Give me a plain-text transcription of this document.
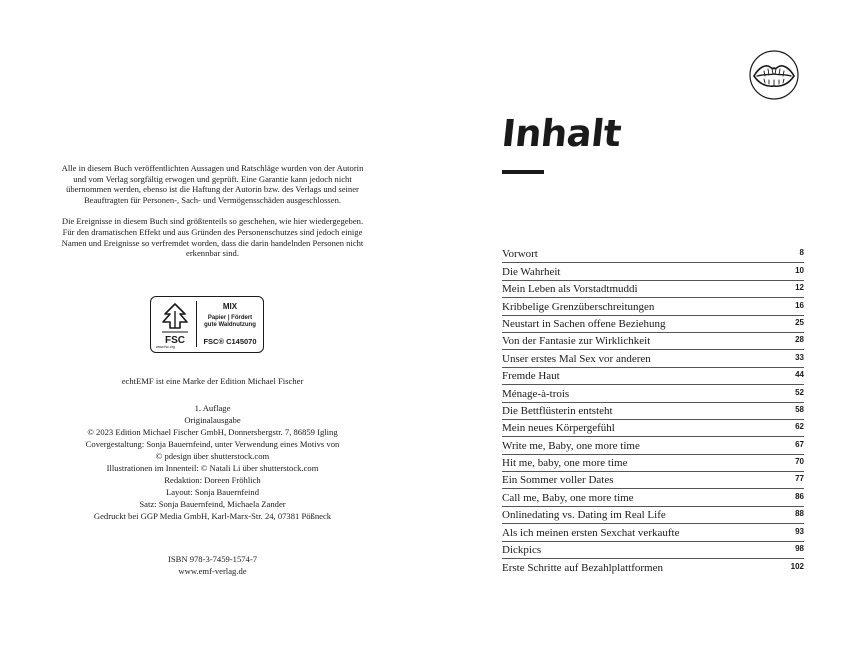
Alle in diesem Buch veröffentlichten Aussagen und Ratschläge wurden von der Autorin und vom Verlag sorgfältig erwogen und geprüft. Eine Garantie kann jedoch nicht übernommen werden, ebenso ist die Haftung der Autorin bzw. des Verlags und seiner Beauftragten für Personen-, Sach- und Vermögensschäden ausgeschlossen.

Die Ereignisse in diesem Buch sind größtenteils so geschehen, wie hier wiedergegeben. Für den dramatischen Effekt und aus Gründen des Personenschutzes sind jedoch einige Namen und Ereignisse so verfremdet worden, dass die darin handelnden Personen nicht erkennbar sind.

FSC
www.fsc.org
MIX
Papier | Fördert
gute Waldnutzung
FSC® C145070
echtEMF ist eine Marke der Edition Michael Fischer
1. Auflage
Originalausgabe
© 2023 Edition Michael Fischer GmbH, Donnersbergstr. 7, 86859 Igling
Covergestaltung: Sonja Bauernfeind, unter Verwendung eines Motivs von
© pdesign über shutterstock.com
Illustrationen im Innenteil: © Natali Li über shutterstock.com
Redaktion: Doreen Fröhlich
Layout: Sonja Bauernfeind
Satz: Sonja Bauernfeind, Michaela Zander
Gedruckt bei GGP Media GmbH, Karl-Marx-Str. 24, 07381 Pößneck
ISBN 978-3-7459-1574-7
www.emf-verlag.de
Inhalt
Vorwort	8
Die Wahrheit	10
Mein Leben als Vorstadtmuddi	12
Kribbelige Grenzüberschreitungen	16
Neustart in Sachen offene Beziehung	25
Von der Fantasie zur Wirklichkeit	28
Unser erstes Mal Sex vor anderen	33
Fremde Haut	44
Ménage-à-trois	52
Die Bettflüsterin entsteht	58
Mein neues Körpergefühl	62
Write me, Baby, one more time	67
Hit me, baby, one more time	70
Ein Sommer voller Dates	77
Call me, Baby, one more time	86
Onlinedating vs. Dating im Real Life	88
Als ich meinen ersten Sexchat verkaufte	93
Dickpics	98
Erste Schritte auf Bezahlplattformen	102
